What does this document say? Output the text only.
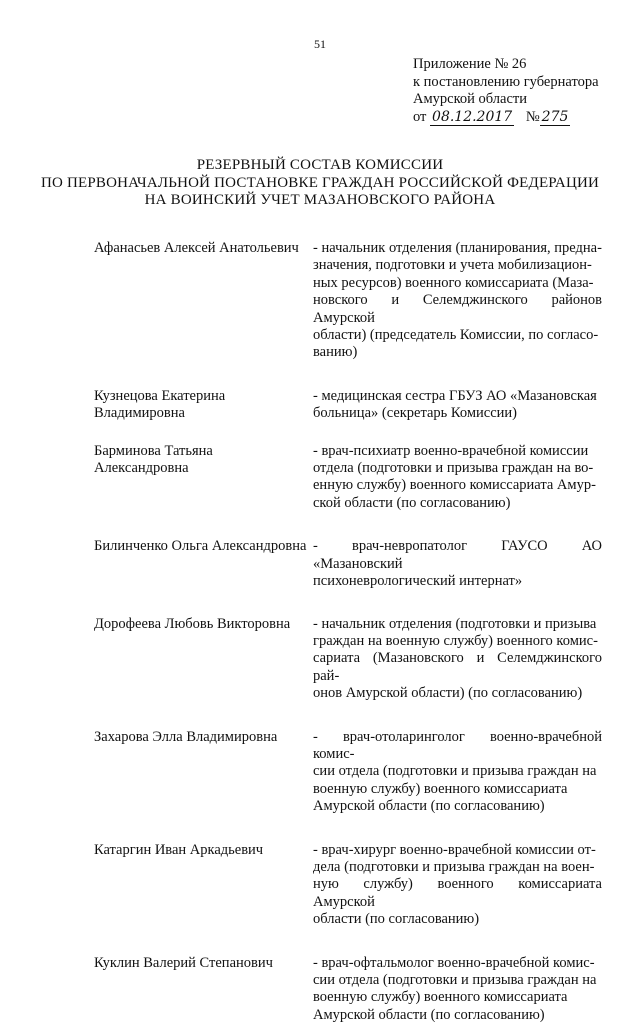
51
Приложение № 26
к постановлению губернатора
Амурской области
от 08.12.2017 № 275
РЕЗЕРВНЫЙ СОСТАВ КОМИССИИ
ПО ПЕРВОНАЧАЛЬНОЙ ПОСТАНОВКЕ ГРАЖДАН РОССИЙСКОЙ ФЕДЕРАЦИИ
НА ВОИНСКИЙ УЧЕТ МАЗАНОВСКОГО РАЙОНА
Афанасьев Алексей Анатольевич - начальник отделения (планирования, предна-
значения, подготовки и учета мобилизацион-
ных ресурсов) военного комиссариата (Маза-
новского и Селемджинского районов Амурской
области) (председатель Комиссии, по согласо-
ванию)
Кузнецова Екатерина
Владимировна
- медицинская сестра ГБУЗ АО «Мазановская
больница» (секретарь Комиссии)
Барминова Татьяна
Александровна
- врач-психиатр военно-врачебной комиссии
отдела (подготовки и призыва граждан на во-
енную службу) военного комиссариата Амур-
ской области (по согласованию)
Билинченко Ольга Александровна - врач-невропатолог ГАУСО АО «Мазановский
психоневрологический интернат»
Дорофеева Любовь Викторовна	- начальник отделения (подготовки и призыва
граждан на военную службу) военного комис-
сариата (Мазановского и Селемджинского рай-
онов Амурской области) (по согласованию)
Захарова Элла Владимировна	- врач-отоларинголог военно-врачебной комис-
сии отдела (подготовки и призыва граждан на
военную службу) военного комиссариата
Амурской области (по согласованию)
Катаргин Иван Аркадьевич	- врач-хирург военно-врачебной комиссии от-
дела (подготовки и призыва граждан на воен-
ную службу) военного комиссариата Амурской
области (по согласованию)
Куклин Валерий Степанович	- врач-офтальмолог военно-врачебной комис-
сии отдела (подготовки и призыва граждан на
военную службу) военного комиссариата
Амурской области (по согласованию)
